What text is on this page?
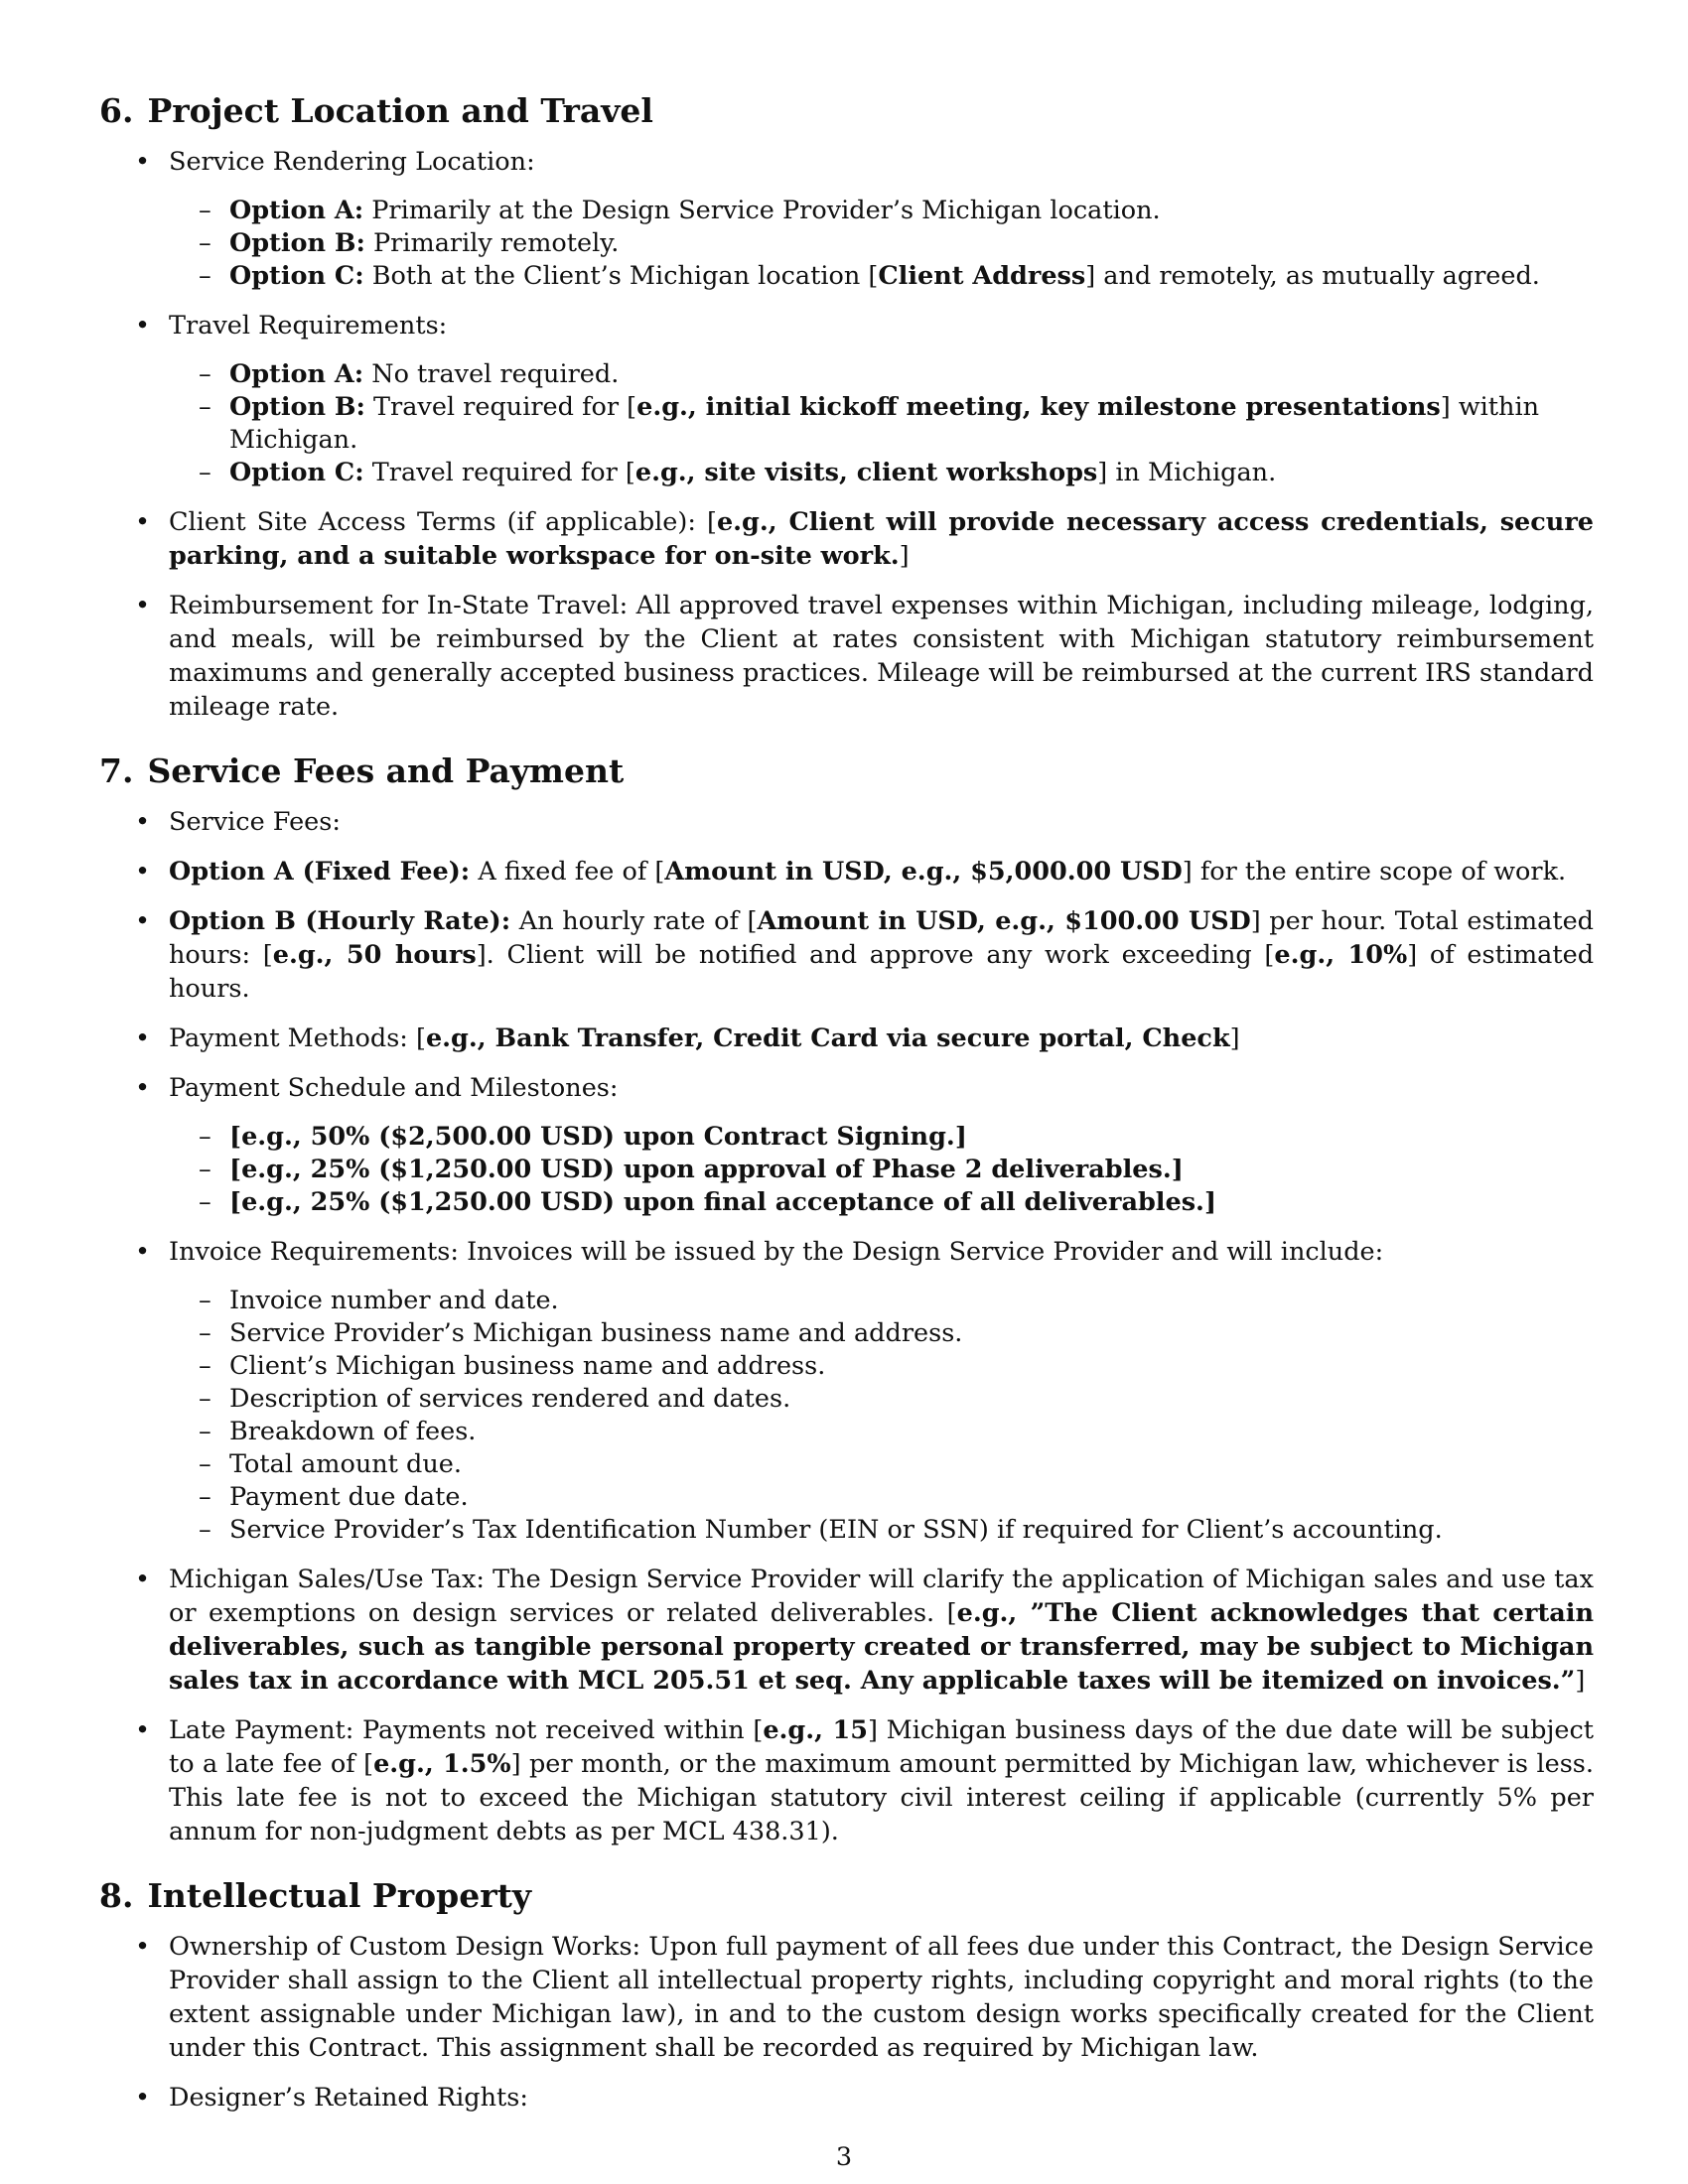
6. Project Location and Travel
• Service Rendering Location:
– Option A: Primarily at the Design Service Provider’s Michigan location.
– Option B: Primarily remotely.
– Option C: Both at the Client’s Michigan location [Client Address] and remotely, as mutually agreed.
• Travel Requirements:
– Option A: No travel required.
– Option B: Travel required for [e.g., initial kickoff meeting, key milestone presentations] within Michigan.
– Option C: Travel required for [e.g., site visits, client workshops] in Michigan.
• Client Site Access Terms (if applicable): [e.g., Client will provide necessary access credentials, secure parking, and a suitable workspace for on-site work.]
• Reimbursement for In-State Travel: All approved travel expenses within Michigan, including mileage, lodging, and meals, will be reimbursed by the Client at rates consistent with Michigan statutory reimbursement maximums and generally accepted business practices. Mileage will be reimbursed at the current IRS standard mileage rate.
7. Service Fees and Payment
• Service Fees:
• Option A (Fixed Fee): A fixed fee of [Amount in USD, e.g., $5,000.00 USD] for the entire scope of work.
• Option B (Hourly Rate): An hourly rate of [Amount in USD, e.g., $100.00 USD] per hour. Total estimated hours: [e.g., 50 hours]. Client will be notified and approve any work exceeding [e.g., 10%] of estimated hours.
• Payment Methods: [e.g., Bank Transfer, Credit Card via secure portal, Check]
• Payment Schedule and Milestones:
– [e.g., 50% ($2,500.00 USD) upon Contract Signing.]
– [e.g., 25% ($1,250.00 USD) upon approval of Phase 2 deliverables.]
– [e.g., 25% ($1,250.00 USD) upon final acceptance of all deliverables.]
• Invoice Requirements: Invoices will be issued by the Design Service Provider and will include:
– Invoice number and date.
– Service Provider’s Michigan business name and address.
– Client’s Michigan business name and address.
– Description of services rendered and dates.
– Breakdown of fees.
– Total amount due.
– Payment due date.
– Service Provider’s Tax Identification Number (EIN or SSN) if required for Client’s accounting.
• Michigan Sales/Use Tax: The Design Service Provider will clarify the application of Michigan sales and use tax or exemptions on design services or related deliverables. [e.g., ”The Client acknowledges that certain deliverables, such as tangible personal property created or transferred, may be subject to Michigan sales tax in accordance with MCL 205.51 et seq. Any applicable taxes will be itemized on invoices.”]
• Late Payment: Payments not received within [e.g., 15] Michigan business days of the due date will be subject to a late fee of [e.g., 1.5%] per month, or the maximum amount permitted by Michigan law, whichever is less. This late fee is not to exceed the Michigan statutory civil interest ceiling if applicable (currently 5% per annum for non-judgment debts as per MCL 438.31).
8. Intellectual Property
• Ownership of Custom Design Works: Upon full payment of all fees due under this Contract, the Design Service Provider shall assign to the Client all intellectual property rights, including copyright and moral rights (to the extent assignable under Michigan law), in and to the custom design works specifically created for the Client under this Contract. This assignment shall be recorded as required by Michigan law.
• Designer’s Retained Rights:
3
